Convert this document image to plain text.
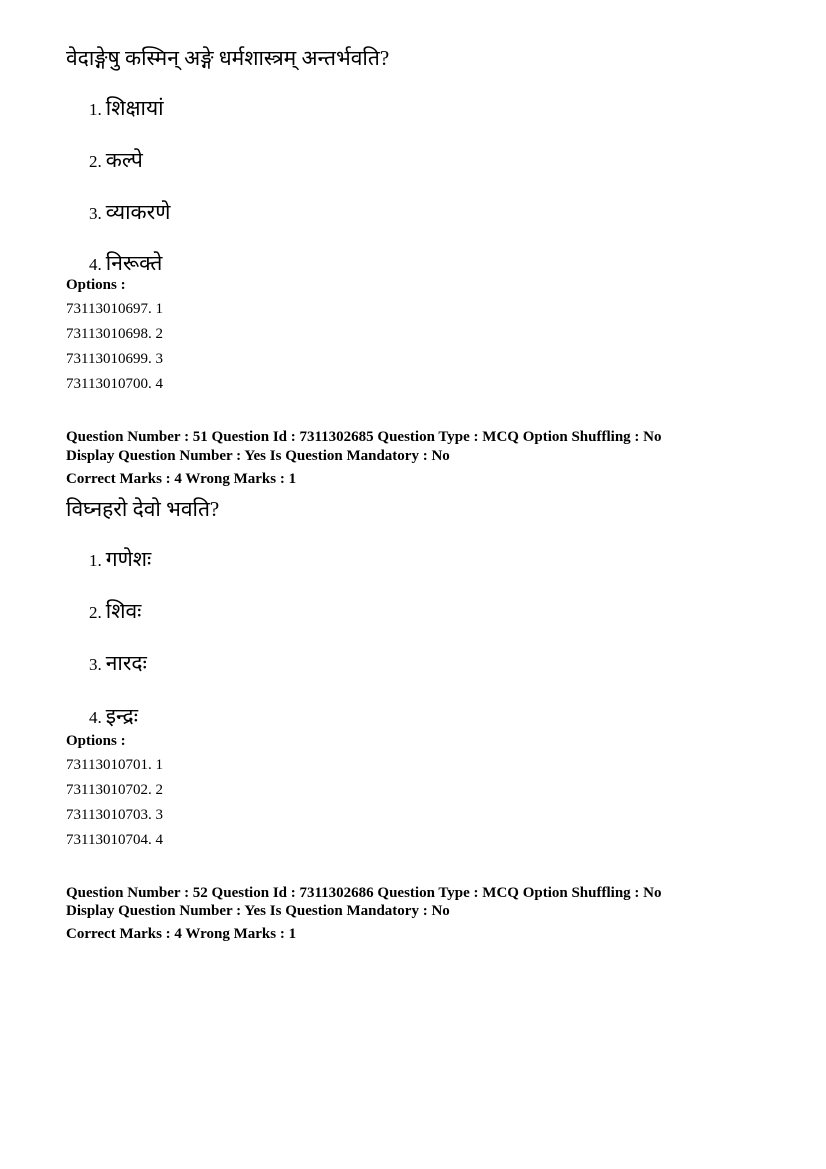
वेदाङ्गेषु कस्मिन् अङ्गे धर्मशास्त्रम् अन्तर्भवति?
1. शिक्षायां
2. कल्पे
3. व्याकरणे
4. निरूक्ते
Options :
73113010697. 1
73113010698. 2
73113010699. 3
73113010700. 4
Question Number : 51 Question Id : 7311302685 Question Type : MCQ Option Shuffling : No
Display Question Number : Yes Is Question Mandatory : No
Correct Marks : 4 Wrong Marks : 1
विघ्नहरो देवो भवति?
1. गणेशः
2. शिवः
3. नारदः
4. इन्द्रः
Options :
73113010701. 1
73113010702. 2
73113010703. 3
73113010704. 4
Question Number : 52 Question Id : 7311302686 Question Type : MCQ Option Shuffling : No
Display Question Number : Yes Is Question Mandatory : No
Correct Marks : 4 Wrong Marks : 1
